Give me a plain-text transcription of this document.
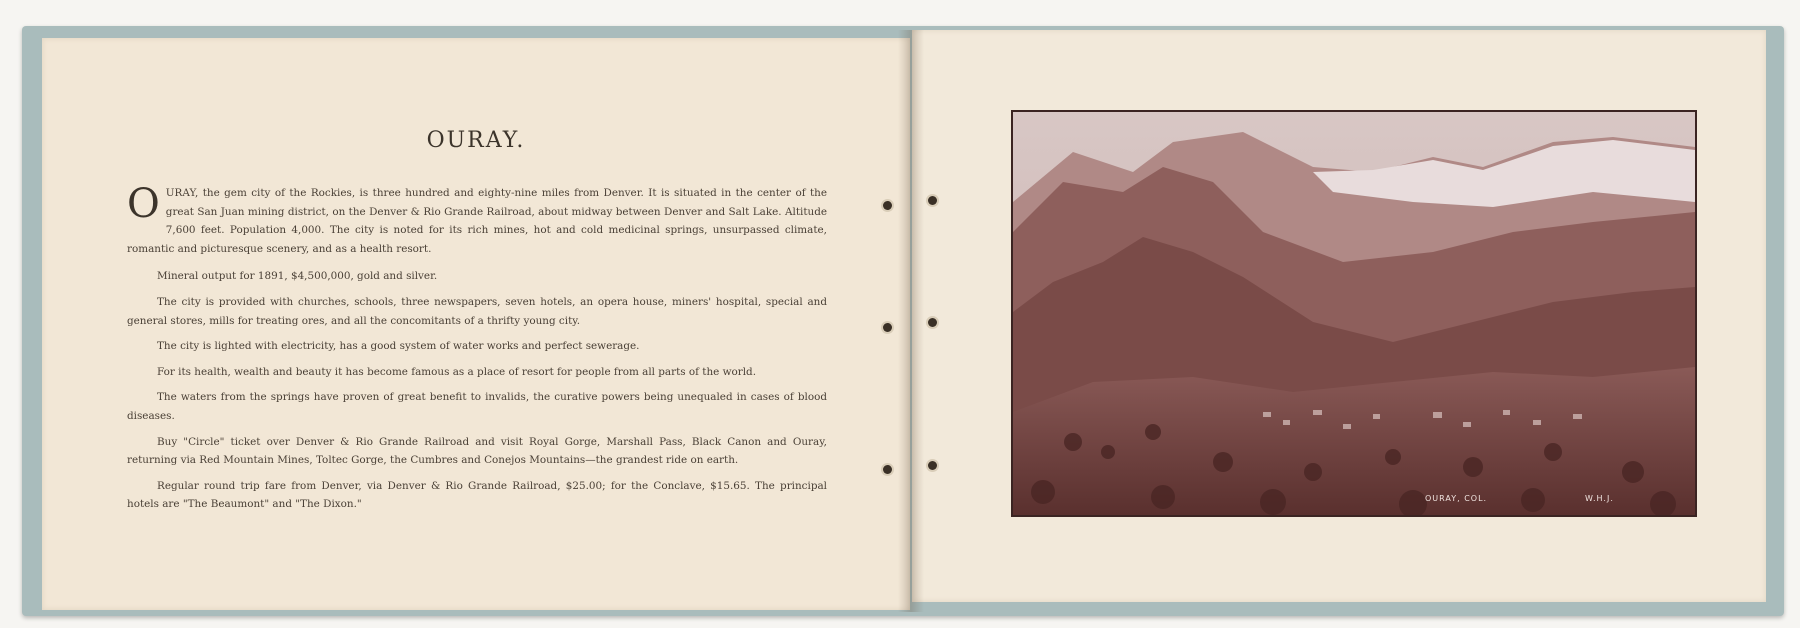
OURAY.

OURAY, the gem city of the Rockies, is three hundred and eighty-nine miles from Denver. It is situated in the center of the great San Juan mining district, on the Denver & Rio Grande Railroad, about midway between Denver and Salt Lake. Altitude 7,600 feet. Population 4,000. The city is noted for its rich mines, hot and cold medicinal springs, unsurpassed climate, romantic and picturesque scenery, and as a health resort.

Mineral output for 1891, $4,500,000, gold and silver.

The city is provided with churches, schools, three newspapers, seven hotels, an opera house, miners' hospital, special and general stores, mills for treating ores, and all the concomitants of a thrifty young city.

The city is lighted with electricity, has a good system of water works and perfect sewerage.

For its health, wealth and beauty it has become famous as a place of resort for people from all parts of the world.

The waters from the springs have proven of great benefit to invalids, the curative powers being unequaled in cases of blood diseases.

Buy "Circle" ticket over Denver & Rio Grande Railroad and visit Royal Gorge, Marshall Pass, Black Canon and Ouray, returning via Red Mountain Mines, Toltec Gorge, the Cumbres and Conejos Mountains—the grandest ride on earth.

Regular round trip fare from Denver, via Denver & Rio Grande Railroad, $25.00; for the Conclave, $15.65. The principal hotels are "The Beaumont" and "The Dixon."	OURAY, COL.	W.H.J.
